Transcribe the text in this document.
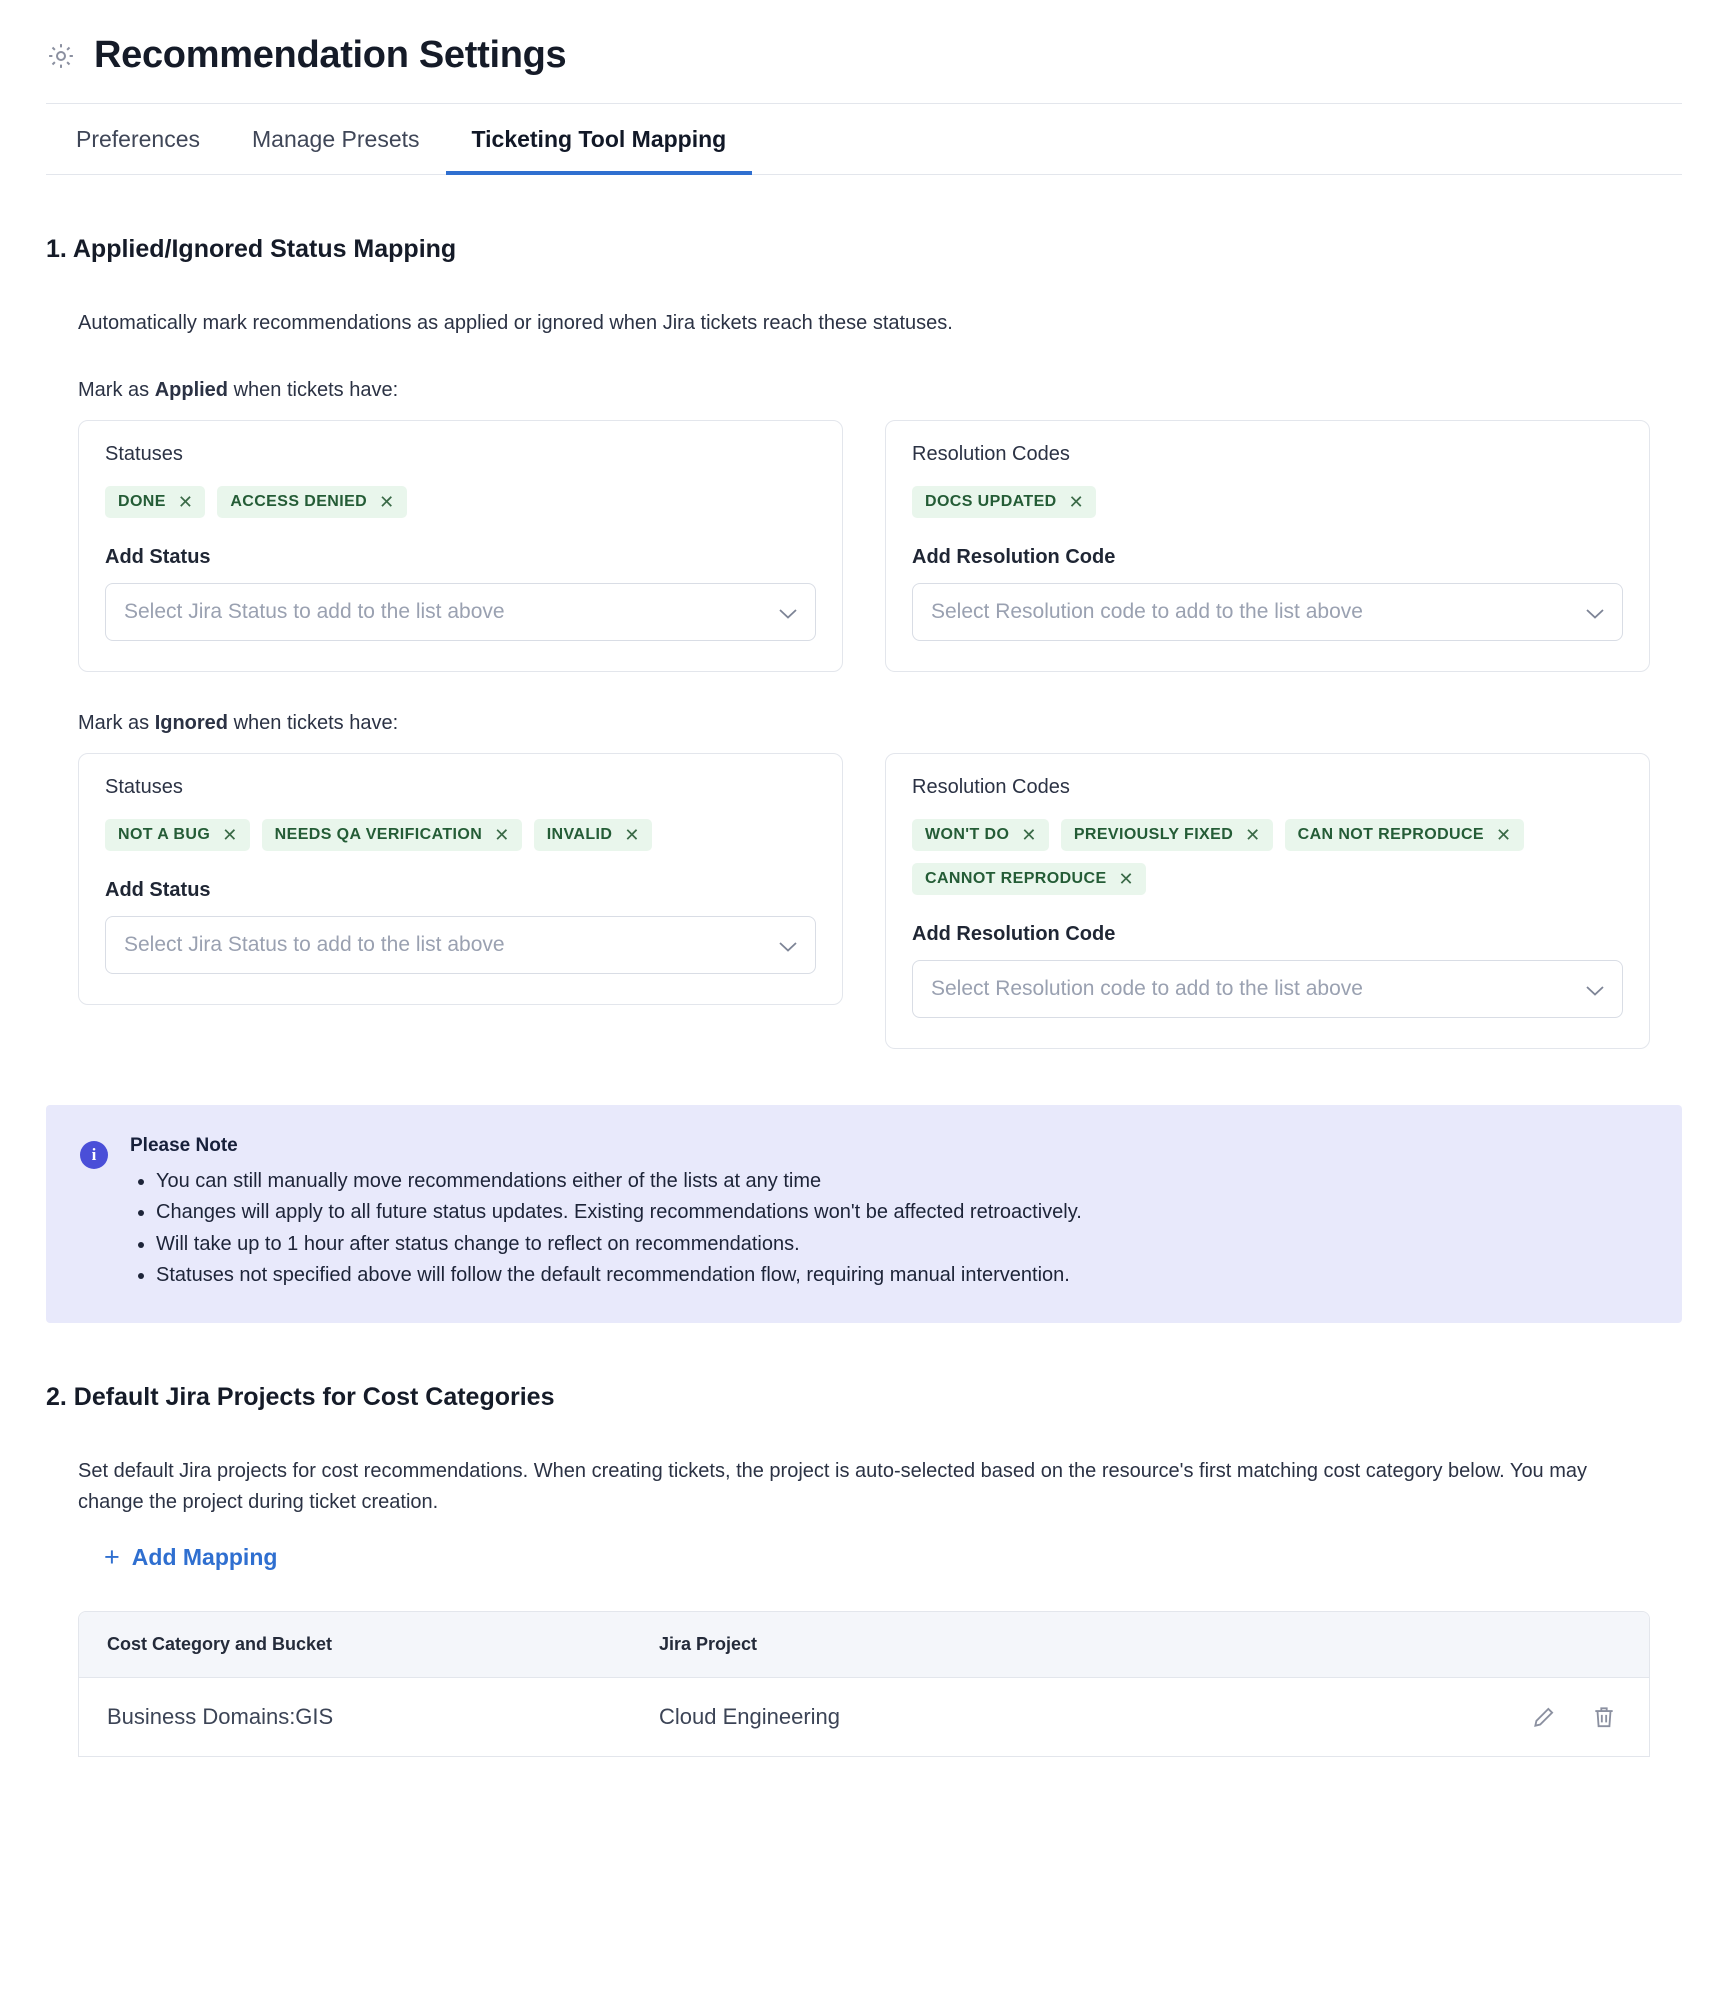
Recommendation Settings
Preferences	Manage Presets	Ticketing Tool Mapping
1. Applied/Ignored Status Mapping
Automatically mark recommendations as applied or ignored when Jira tickets reach these statuses.
Mark as Applied when tickets have:
Statuses
DONE ✕ ACCESS DENIED ✕
Add Status
Select Jira Status to add to the list above
Resolution Codes
DOCS UPDATED ✕
Add Resolution Code
Select Resolution code to add to the list above
Mark as Ignored when tickets have:
Statuses
NOT A BUG ✕ NEEDS QA VERIFICATION ✕ INVALID ✕
Add Status
Select Jira Status to add to the list above
Resolution Codes
WON'T DO ✕ PREVIOUSLY FIXED ✕ CAN NOT REPRODUCE ✕
CANNOT REPRODUCE ✕
Add Resolution Code
Select Resolution code to add to the list above
i	Please Note
• You can still manually move recommendations either of the lists at any time
• Changes will apply to all future status updates. Existing recommendations won't be affected retroactively.
• Will take up to 1 hour after status change to reflect on recommendations.
• Statuses not specified above will follow the default recommendation flow, requiring manual intervention.
2. Default Jira Projects for Cost Categories
Set default Jira projects for cost recommendations. When creating tickets, the project is auto-selected based on the resource's first matching cost category below. You may change the project during ticket creation.
+ Add Mapping
Cost Category and Bucket	Jira Project
Business Domains:GIS	Cloud Engineering
